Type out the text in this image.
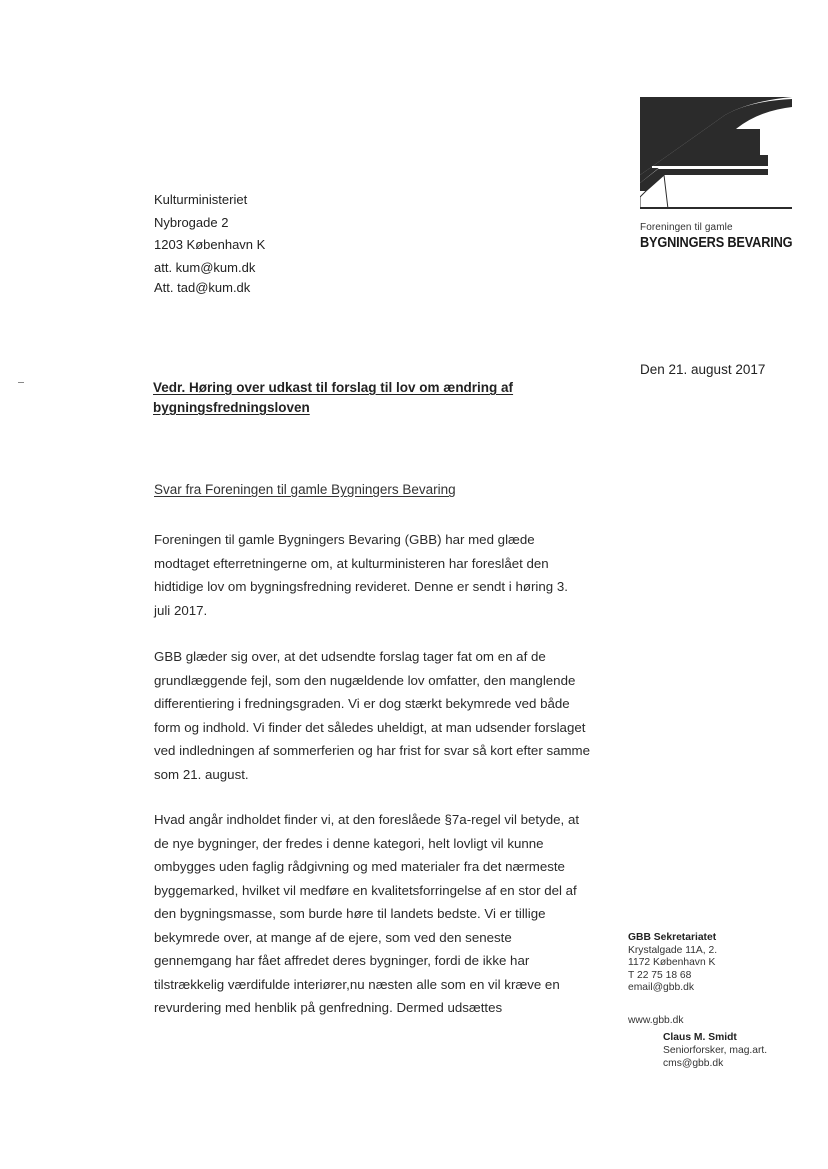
Foreningen til gamle
BYGNINGERS BEVARING
Kulturministeriet
Nybrogade 2
1203 København K
att. kum@kum.dk
Att. tad@kum.dk
Den 21. august 2017
Vedr. Høring over udkast til forslag til lov om ændring af
bygningsfredningsloven
Svar fra Foreningen til gamle Bygningers Bevaring
Foreningen til gamle Bygningers Bevaring (GBB) har med glæde
modtaget efterretningerne om, at kulturministeren har foreslået den
hidtidige lov om bygningsfredning revideret. Denne er sendt i høring 3.
juli 2017.
GBB glæder sig over, at det udsendte forslag tager fat om en af de
grundlæggende fejl, som den nugældende lov omfatter, den manglende
differentiering i fredningsgraden. Vi er dog stærkt bekymrede ved både
form og indhold. Vi finder det således uheldigt, at man udsender forslaget
ved indledningen af sommerferien og har frist for svar så kort efter samme
som 21. august.
Hvad angår indholdet finder vi, at den foreslåede §7a-regel vil betyde, at
de nye bygninger, der fredes i denne kategori, helt lovligt vil kunne
ombygges uden faglig rådgivning og med materialer fra det nærmeste
byggemarked, hvilket vil medføre en kvalitetsforringelse af en stor del af
den bygningsmasse, som burde høre til landets bedste. Vi er tillige
bekymrede over, at mange af de ejere, som ved den seneste
gennemgang har fået affredet deres bygninger, fordi de ikke har
tilstrækkelig værdifulde interiører,nu næsten alle som en vil kræve en
revurdering med henblik på genfredning. Dermed udsættes
GBB Sekretariatet
Krystalgade 11A, 2.
1172 København K
T 22 75 18 68
email@gbb.dk
www.gbb.dk
Claus M. Smidt
Seniorforsker, mag.art.
cms@gbb.dk
